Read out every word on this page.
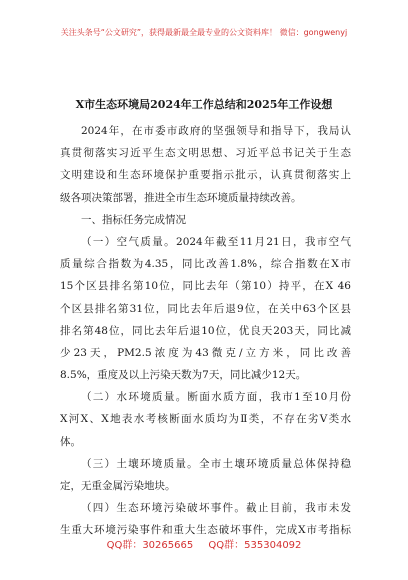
关注头条号“公文研究”，获得最新最全最专业的公文资料库！ 微信：gongwenyj
X市生态环境局2024年工作总结和2025年工作设想
2024年，在市委市政府的坚强领导和指导下，我局认
真贯彻落实习近平生态文明思想、习近平总书记关于生态
文明建设和生态环境保护重要指示批示，认真贯彻落实上
级各项决策部署，推进全市生态环境质量持续改善。
一、指标任务完成情况
（一）空气质量。2024年截至11月21日，我市空气
质量综合指数为4.35，同比改善1.8%，综合指数在X市
15个区县排名第10位，同比去年（第10）持平，在X 46
个区县排名第31位，同比去年后退9位，在关中63个区县
排名第48位，同比去年后退10位，优良天203天，同比减
少23天，PM2.5浓度为43微克/立方米，同比改善
8.5%，重度及以上污染天数为7天，同比减少12天。
（二）水环境质量。断面水质方面，我市1至10月份
X河X、X地表水考核断面水质均为Ⅱ类，不存在劣Ⅴ类水
体。
（三）土壤环境质量。全市土壤环境质量总体保持稳
定，无重金属污染地块。
（四）生态环境污染破坏事件。截止目前，我市未发
生重大环境污染事件和重大生态破坏事件，完成X市考指标
QQ群：30265665 QQ群：535304092
